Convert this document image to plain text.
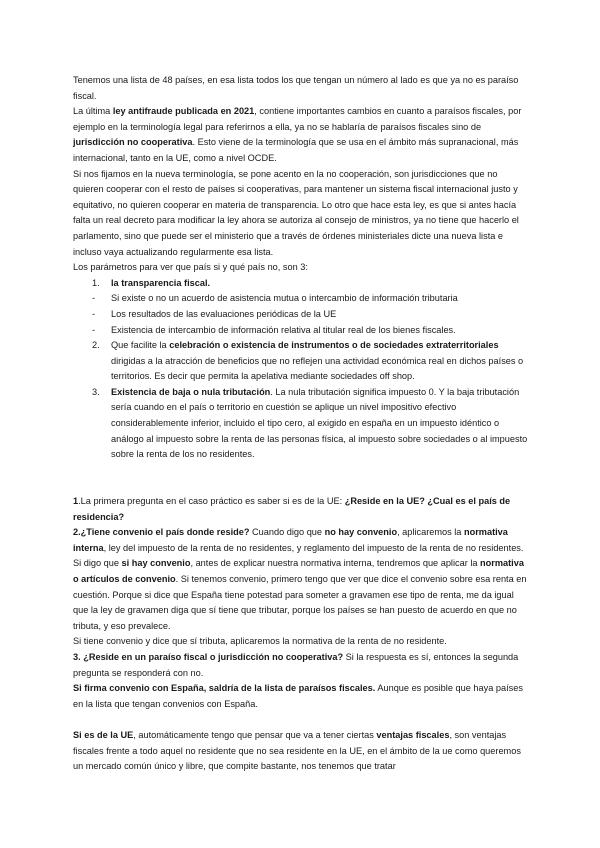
Tenemos una lista de 48 países, en esa lista todos los que tengan un número al lado es que ya no es paraíso fiscal.

La última ley antifraude publicada en 2021, contiene importantes cambios en cuanto a paraísos fiscales, por ejemplo en la terminología legal para referirnos a ella, ya no se hablaría de paraísos fiscales sino de jurisdicción no cooperativa. Esto viene de la terminología que se usa en el ámbito más supranacional, más internacional, tanto en la UE, como a nivel OCDE.

Si nos fijamos en la nueva terminología, se pone acento en la no cooperación, son jurisdicciones que no quieren cooperar con el resto de países si cooperativas, para mantener un sistema fiscal internacional justo y equitativo, no quieren cooperar en materia de transparencia. Lo otro que hace esta ley, es que si antes hacía falta un real decreto para modificar la ley ahora se autoriza al consejo de ministros, ya no tiene que hacerlo el parlamento, sino que puede ser el ministerio que a través de órdenes ministeriales dicte una nueva lista e incluso vaya actualizando regularmente esa lista.

Los parámetros para ver que país si y qué país no, son 3:

1. la transparencia fiscal.
- Si existe o no un acuerdo de asistencia mutua o intercambio de información tributaria
- Los resultados de las evaluaciones periódicas de la UE
- Existencia de intercambio de información relativa al titular real de los bienes fiscales.
2. Que facilite la celebración o existencia de instrumentos o de sociedades extraterritoriales dirigidas a la atracción de beneficios que no reflejen una actividad económica real en dichos países o territorios. Es decir que permita la apelativa mediante sociedades off shop.
3. Existencia de baja o nula tributación. La nula tributación significa impuesto 0. Y la baja tributación sería cuando en el país o territorio en cuestión se aplique un nivel impositivo efectivo considerablemente inferior, incluido el tipo cero, al exigido en españa en un impuesto idéntico o análogo al impuesto sobre la renta de las personas física, al impuesto sobre sociedades o al impuesto sobre la renta de los no residentes.

1.La primera pregunta en el caso práctico es saber si es de la UE: ¿Reside en la UE? ¿Cual es el país de residencia?

2.¿Tiene convenio el país donde reside? Cuando digo que no hay convenio, aplicaremos la normativa interna, ley del impuesto de la renta de no residentes, y reglamento del impuesto de la renta de no residentes. Si digo que si hay convenio, antes de explicar nuestra normativa interna, tendremos que aplicar la normativa o artículos de convenio. Si tenemos convenio, primero tengo que ver que dice el convenio sobre esa renta en cuestión. Porque si dice que España tiene potestad para someter a gravamen ese tipo de renta, me da igual que la ley de gravamen diga que sí tiene que tributar, porque los países se han puesto de acuerdo en que no tributa, y eso prevalece.

Si tiene convenio y dice que sí tributa, aplicaremos la normativa de la renta de no residente.

3. ¿Reside en un paraíso fiscal o jurisdicción no cooperativa? Si la respuesta es sí, entonces la segunda pregunta se responderá con no.

Si firma convenio con España, saldría de la lista de paraísos fiscales. Aunque es posible que haya países en la lista que tengan convenios con España.

Si es de la UE, automáticamente tengo que pensar que va a tener ciertas ventajas fiscales, son ventajas fiscales frente a todo aquel no residente que no sea residente en la UE, en el ámbito de la ue como queremos un mercado común único y libre, que compite bastante, nos tenemos que tratar
